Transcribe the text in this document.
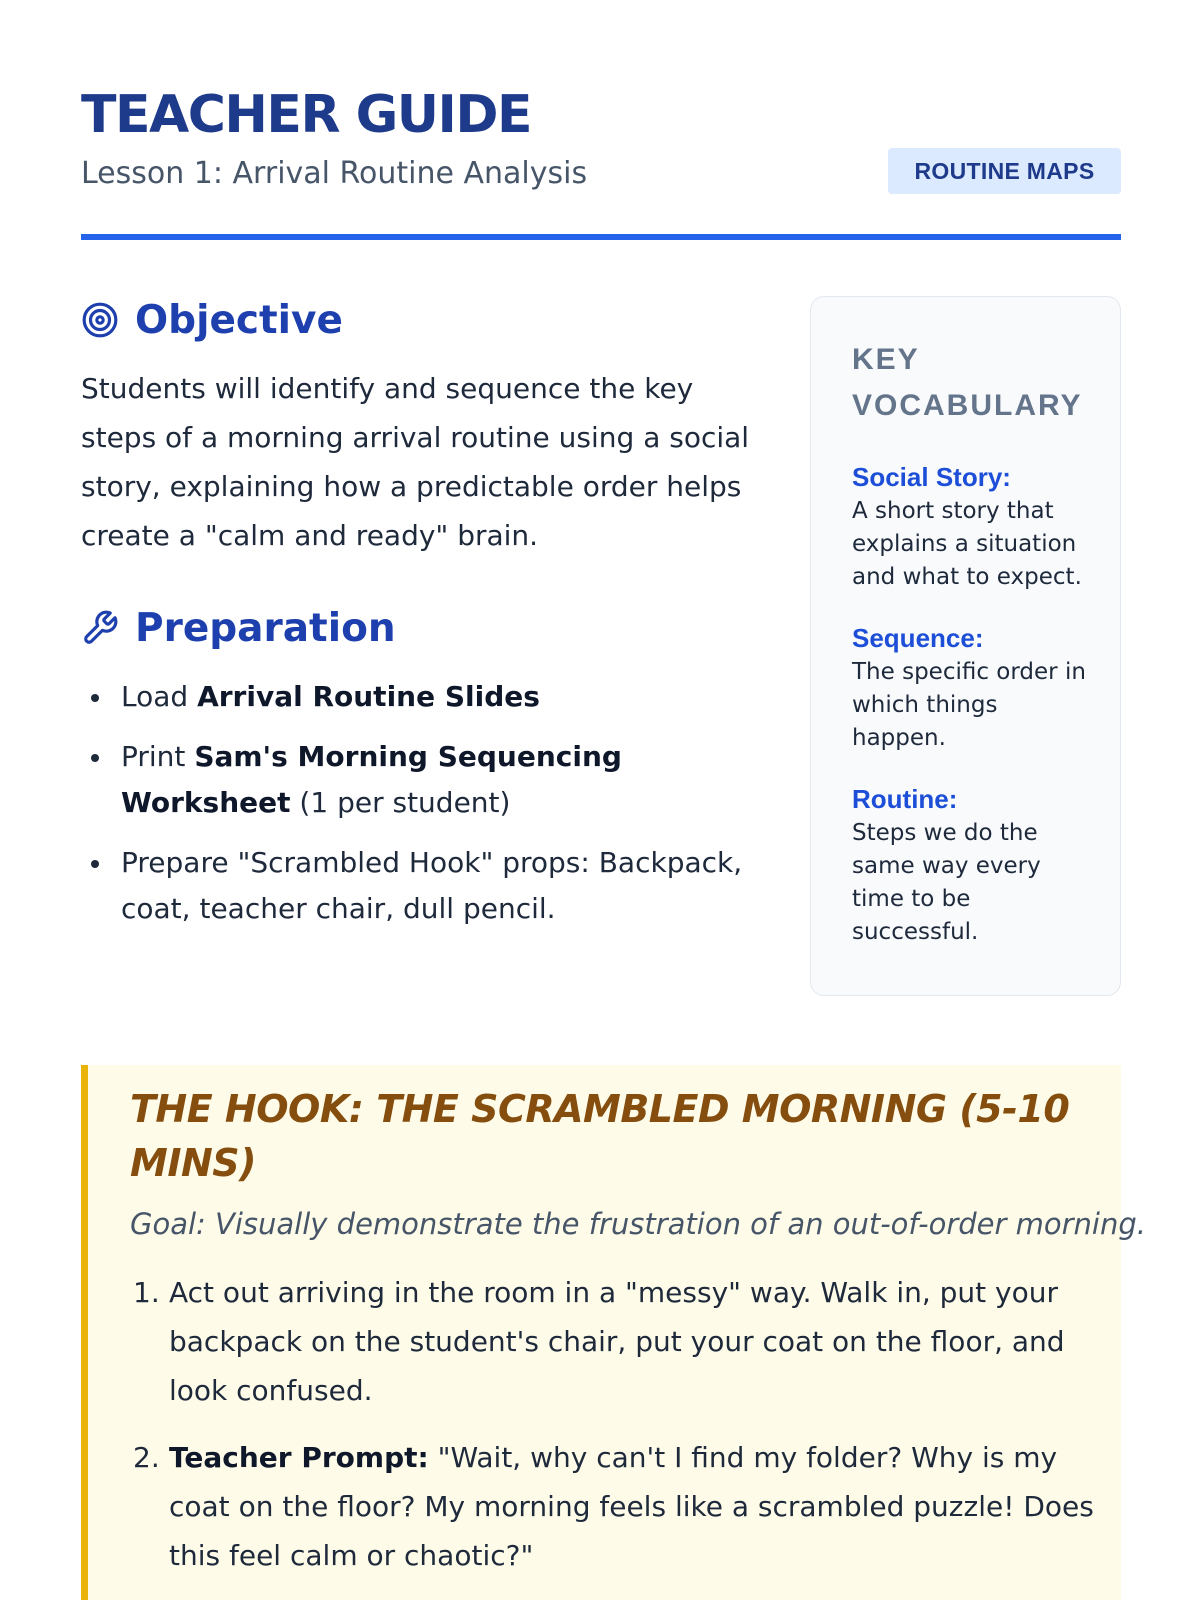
TEACHER GUIDE
Lesson 1: Arrival Routine Analysis	ROUTINE MAPS
Objective

Students will identify and sequence the key steps of a morning arrival routine using a social story, explaining how a predictable order helps create a "calm and ready" brain.

Preparation
Load Arrival Routine Slides
Print Sam's Morning Sequencing Worksheet (1 per student)
Prepare "Scrambled Hook" props: Backpack, coat, teacher chair, dull pencil.
KEY
VOCABULARY
Social Story:
A short story that explains a situation and what to expect.
Sequence:
The specific order in which things happen.
Routine:
Steps we do the same way every time to be successful.
THE HOOK: THE SCRAMBLED MORNING (5-10 MINS)
Goal: Visually demonstrate the frustration of an out-of-order morning.
1. Act out arriving in the room in a "messy" way. Walk in, put your backpack on the student's chair, put your coat on the floor, and look confused.
2. Teacher Prompt: "Wait, why can't I find my folder? Why is my coat on the floor? My morning feels like a scrambled puzzle! Does this feel calm or chaotic?"
